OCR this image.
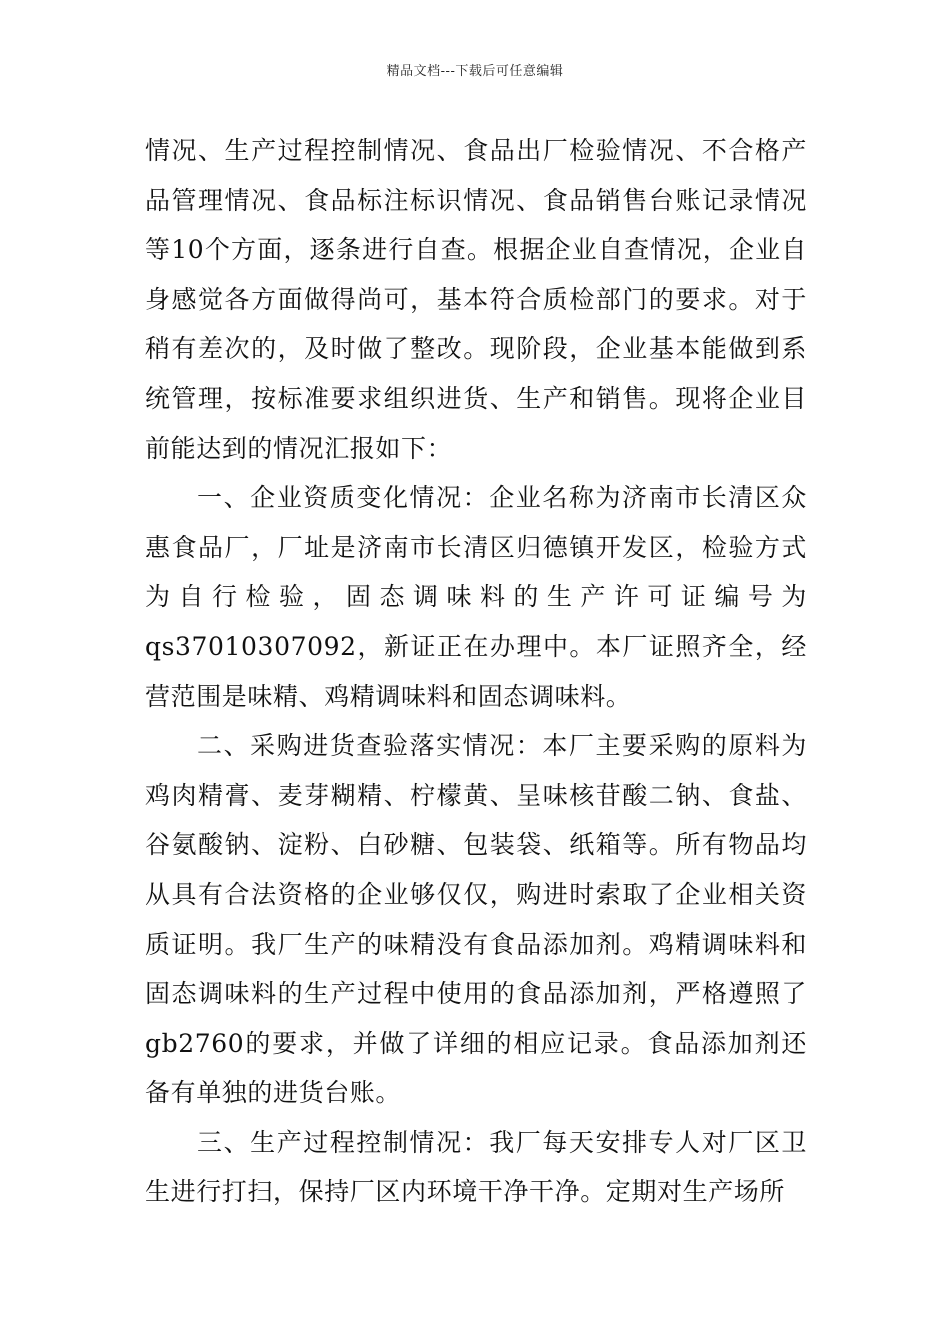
精品文档---下载后可任意编辑

情况、生产过程控制情况、食品出厂检验情况、不合格产品管理情况、食品标注标识情况、食品销售台账记录情况等10个方面，逐条进行自查。根据企业自查情况，企业自身感觉各方面做得尚可，基本符合质检部门的要求。对于稍有差次的，及时做了整改。现阶段，企业基本能做到系统管理，按标准要求组织进货、生产和销售。现将企业目前能达到的情况汇报如下：

一、企业资质变化情况：企业名称为济南市长清区众惠食品厂，厂址是济南市长清区归德镇开发区，检验方式为自行检验，固态调味料的生产许可证编号为qs37010307092，新证正在办理中。本厂证照齐全，经营范围是味精、鸡精调味料和固态调味料。

二、采购进货查验落实情况：本厂主要采购的原料为鸡肉精膏、麦芽糊精、柠檬黄、呈味核苷酸二钠、食盐、谷氨酸钠、淀粉、白砂糖、包装袋、纸箱等。所有物品均从具有合法资格的企业够仅仅，购进时索取了企业相关资质证明。我厂生产的味精没有食品添加剂。鸡精调味料和固态调味料的生产过程中使用的食品添加剂，严格遵照了gb2760的要求，并做了详细的相应记录。食品添加剂还备有单独的进货台账。

三、生产过程控制情况：我厂每天安排专人对厂区卫生进行打扫，保持厂区内环境干净干净。定期对生产场所
